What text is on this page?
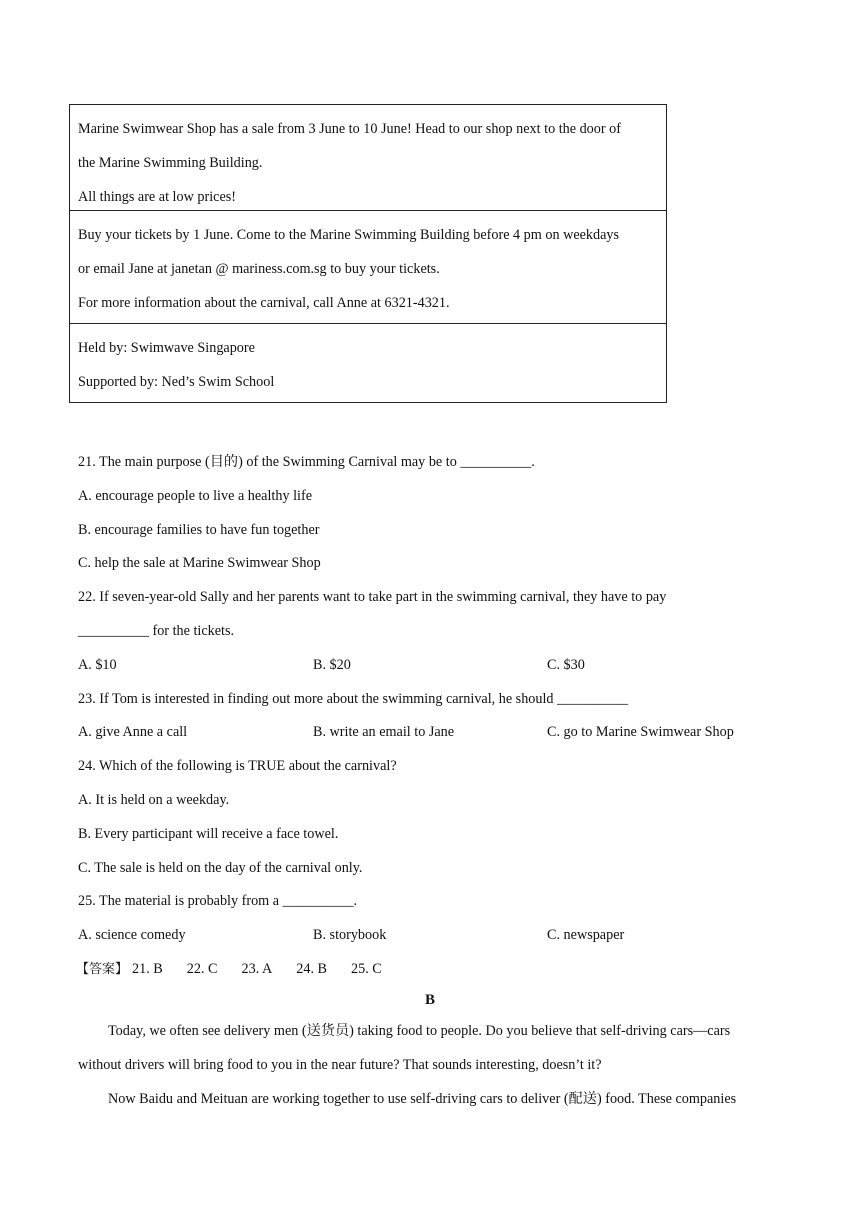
Marine Swimwear Shop has a sale from 3 June to 10 June! Head to our shop next to the door of
the Marine Swimming Building.
All things are at low prices!
Buy your tickets by 1 June. Come to the Marine Swimming Building before 4 pm on weekdays
or email Jane at janetan @ mariness.com.sg to buy your tickets.
For more information about the carnival, call Anne at 6321-4321.
Held by: Swimwave Singapore
Supported by: Ned’s Swim School
21. The main purpose (目的) of the Swimming Carnival may be to __________.
A. encourage people to live a healthy life
B. encourage families to have fun together
C. help the sale at Marine Swimwear Shop
22. If seven-year-old Sally and her parents want to take part in the swimming carnival, they have to pay
__________ for the tickets.
A. $10	B. $20	C. $30
23. If Tom is interested in finding out more about the swimming carnival, he should __________
A. give Anne a call	B. write an email to Jane	C. go to Marine Swimwear Shop
24. Which of the following is TRUE about the carnival?
A. It is held on a weekday.
B. Every participant will receive a face towel.
C. The sale is held on the day of the carnival only.
25. The material is probably from a __________.
A. science comedy	B. storybook	C. newspaper
【答案】 21. B 22. C 23. A 24. B 25. C
B
Today, we often see delivery men (送货员) taking food to people. Do you believe that self-driving cars—cars
without drivers will bring food to you in the near future? That sounds interesting, doesn’t it?
Now Baidu and Meituan are working together to use self-driving cars to deliver (配送) food. These companies
